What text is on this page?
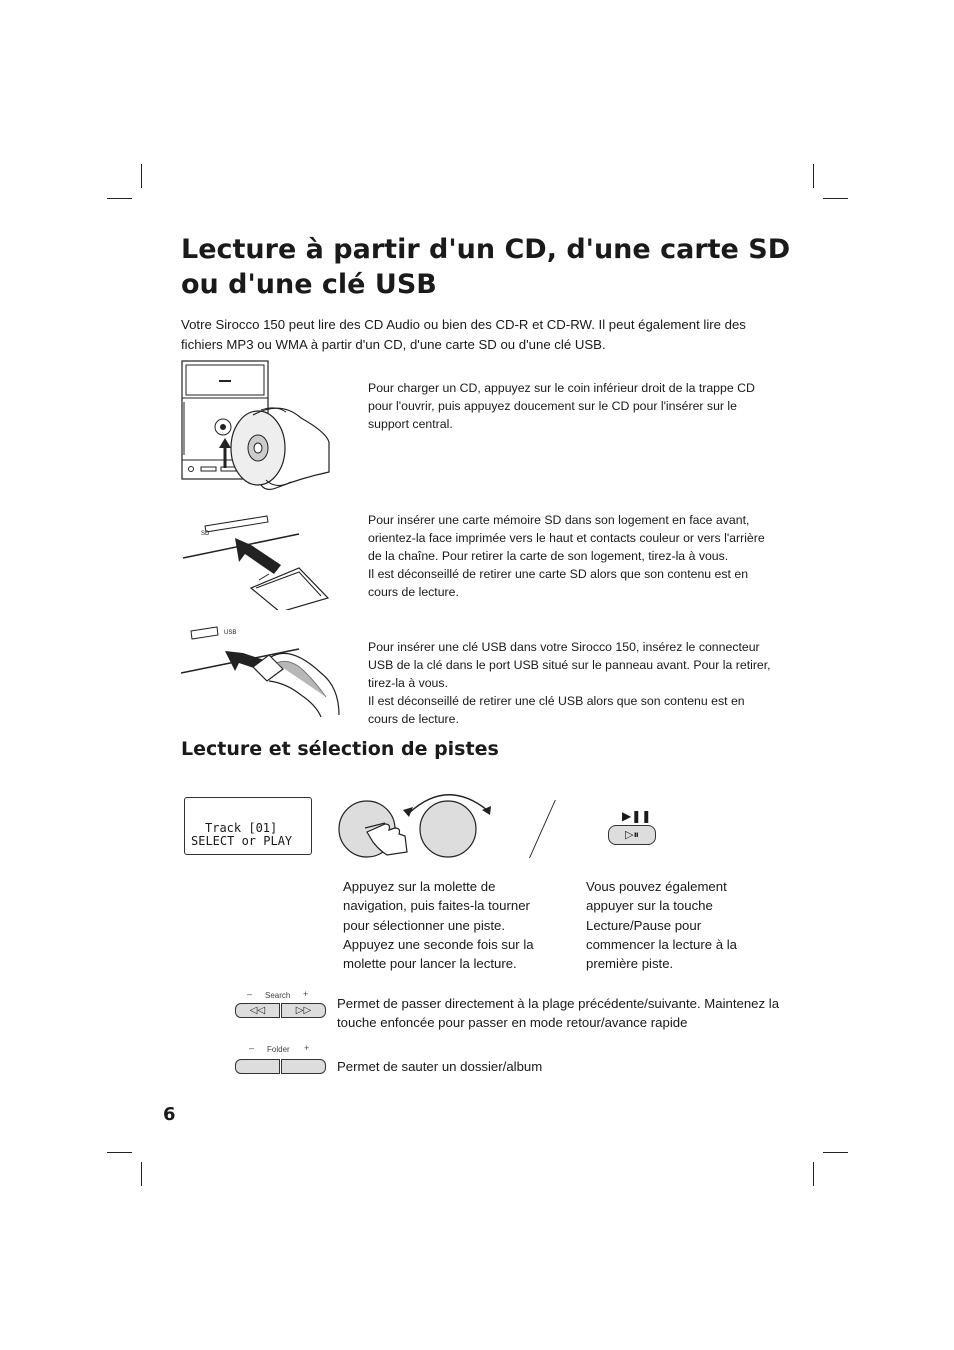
Lecture à partir d'un CD, d'une carte SD ou d'une clé USB
Votre Sirocco 150 peut lire des CD Audio ou bien des CD-R et CD-RW. Il peut également lire des fichiers MP3 ou WMA à partir d'un CD, d'une carte SD ou d'une clé USB.
Pour charger un CD, appuyez sur le coin inférieur droit de la trappe CD pour l'ouvrir, puis appuyez doucement sur le CD pour l'insérer sur le support central.
SD
Pour insérer une carte mémoire SD dans son logement en face avant, orientez-la face imprimée vers le haut et contacts couleur or vers l'arrière de la chaîne. Pour retirer la carte de son logement, tirez-la à vous.
Il est déconseillé de retirer une carte SD alors que son contenu est en cours de lecture.
USB
Pour insérer une clé USB dans votre Sirocco 150, insérez le connecteur USB de la clé dans le port USB situé sur le panneau avant. Pour la retirer, tirez-la à vous.
Il est déconseillé de retirer une clé USB alors que son contenu est en cours de lecture.
Lecture et sélection de pistes
Track [01]
SELECT or PLAY
▶❚❚
▷⏸
Appuyez sur la molette de navigation, puis faites-la tourner pour sélectionner une piste. Appuyez une seconde fois sur la molette pour lancer la lecture.
Vous pouvez également appuyer sur la touche Lecture/Pause pour commencer la lecture à la première piste.
– Search +
◁◁	▷▷	Permet de passer directement à la plage précédente/suivante. Maintenez la touche enfoncée pour passer en mode retour/avance rapide
– Folder +
Permet de sauter un dossier/album
6
